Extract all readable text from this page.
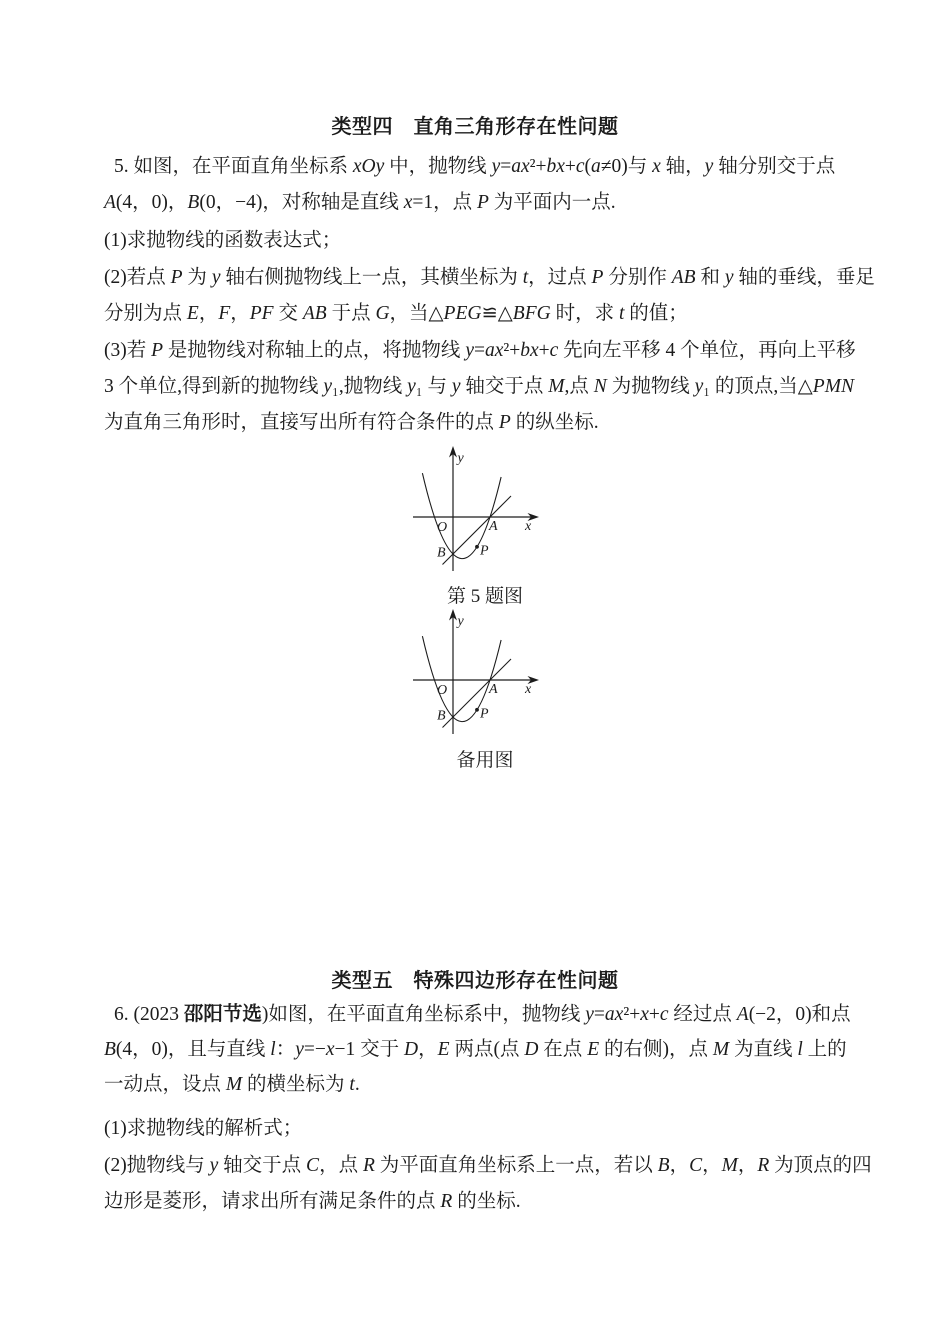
类型四　直角三角形存在性问题
5. 如图，在平面直角坐标系 xOy 中，抛物线 y=ax²+bx+c(a≠0)与 x 轴，y 轴分别交于点
A(4，0)，B(0，−4)，对称轴是直线 x=1，点 P 为平面内一点.
(1)求抛物线的函数表达式；
(2)若点 P 为 y 轴右侧抛物线上一点，其横坐标为 t，过点 P 分别作 AB 和 y 轴的垂线，垂足
分别为点 E，F，PF 交 AB 于点 G，当△PEG≌△BFG 时，求 t 的值；
(3)若 P 是抛物线对称轴上的点，将抛物线 y=ax²+bx+c 先向左平移 4 个单位，再向上平移
3 个单位,得到新的抛物线 y₁,抛物线 y₁ 与 y 轴交于点 M,点 N 为抛物线 y₁ 的顶点,当△PMN
为直角三角形时，直接写出所有符合条件的点 P 的纵坐标.
y
x
O	A
B P
第 5 题图
y
x
O	A
B P
备用图
类型五　特殊四边形存在性问题
6. (2023 邵阳节选)如图，在平面直角坐标系中，抛物线 y=ax²+x+c 经过点 A(−2，0)和点
B(4，0)，且与直线 l：y=−x−1 交于 D，E 两点(点 D 在点 E 的右侧)，点 M 为直线 l 上的
一动点，设点 M 的横坐标为 t.
(1)求抛物线的解析式；
(2)抛物线与 y 轴交于点 C，点 R 为平面直角坐标系上一点，若以 B，C，M，R 为顶点的四
边形是菱形，请求出所有满足条件的点 R 的坐标.
